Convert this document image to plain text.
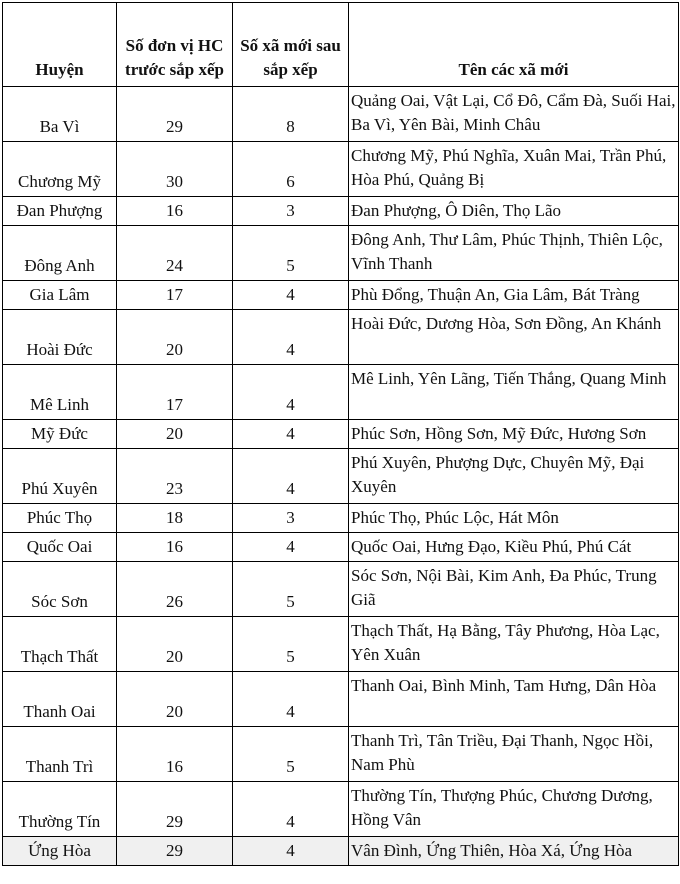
Huyện	Số đơn vị HC trước sắp xếp	Số xã mới sau sắp xếp	Tên các xã mới
Ba Vì	29	8	Quảng Oai, Vật Lại, Cổ Đô, Cẩm Đà, Suối Hai, Ba Vì, Yên Bài, Minh Châu
Chương Mỹ	30	6	Chương Mỹ, Phú Nghĩa, Xuân Mai, Trần Phú, Hòa Phú, Quảng Bị
Đan Phượng	16	3	Đan Phượng, Ô Diên, Thọ Lão
Đông Anh	24	5	Đông Anh, Thư Lâm, Phúc Thịnh, Thiên Lộc, Vĩnh Thanh
Gia Lâm	17	4	Phù Đổng, Thuận An, Gia Lâm, Bát Tràng
Hoài Đức	20	4	Hoài Đức, Dương Hòa, Sơn Đồng, An Khánh
Mê Linh	17	4	Mê Linh, Yên Lãng, Tiến Thắng, Quang Minh
Mỹ Đức	20	4	Phúc Sơn, Hồng Sơn, Mỹ Đức, Hương Sơn
Phú Xuyên	23	4	Phú Xuyên, Phượng Dực, Chuyên Mỹ, Đại Xuyên
Phúc Thọ	18	3	Phúc Thọ, Phúc Lộc, Hát Môn
Quốc Oai	16	4	Quốc Oai, Hưng Đạo, Kiều Phú, Phú Cát
Sóc Sơn	26	5	Sóc Sơn, Nội Bài, Kim Anh, Đa Phúc, Trung Giã
Thạch Thất	20	5	Thạch Thất, Hạ Bằng, Tây Phương, Hòa Lạc, Yên Xuân
Thanh Oai	20	4	Thanh Oai, Bình Minh, Tam Hưng, Dân Hòa
Thanh Trì	16	5	Thanh Trì, Tân Triều, Đại Thanh, Ngọc Hồi, Nam Phù
Thường Tín	29	4	Thường Tín, Thượng Phúc, Chương Dương, Hồng Vân
Ứng Hòa	29	4	Vân Đình, Ứng Thiên, Hòa Xá, Ứng Hòa
